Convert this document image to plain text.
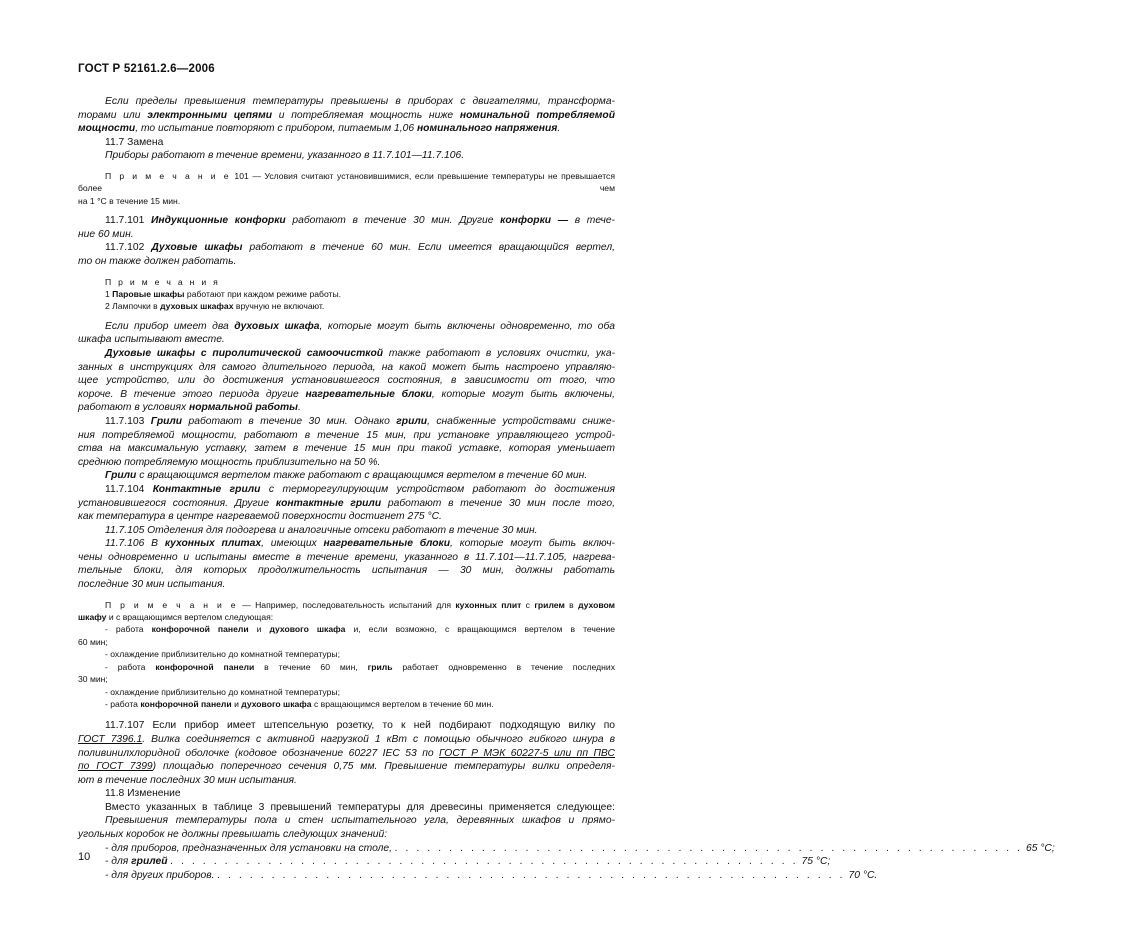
ГОСТ Р 52161.2.6—2006

Если пределы превышения температуры превышены в приборах с двигателями, трансформа-

торами или электронными цепями и потребляемая мощность ниже номинальной потребляемой

мощности, то испытание повторяют с прибором, питаемым 1,06 номинального напряжения.

11.7 Замена

Приборы работают в течение времени, указанного в 11.7.101—11.7.106.

П р и м е ч а н и е 101 — Условия считают установившимися, если превышение температуры не превышается более чем

на 1 °С в течение 15 мин.

11.7.101 Индукционные конфорки работают в течение 30 мин. Другие конфорки — в тече-

ние 60 мин.

11.7.102 Духовые шкафы работают в течение 60 мин. Если имеется вращающийся вертел,

то он также должен работать.

П р и м е ч а н и я

1 Паровые шкафы работают при каждом режиме работы.

2 Лампочки в духовых шкафах вручную не включают.

Если прибор имеет два духовых шкафа, которые могут быть включены одновременно, то оба

шкафа испытывают вместе.

Духовые шкафы с пиролитической самоочисткой также работают в условиях очистки, ука-

занных в инструкциях для самого длительного периода, на какой может быть настроено управляю-

щее устройство, или до достижения установившегося состояния, в зависимости от того, что

короче. В течение этого периода другие нагревательные блоки, которые могут быть включены,

работают в условиях нормальной работы.

11.7.103 Грили работают в течение 30 мин. Однако грили, снабженные устройствами сниже-

ния потребляемой мощности, работают в течение 15 мин, при установке управляющего устрой-

ства на максимальную уставку, затем в течение 15 мин при такой уставке, которая уменьшает

среднюю потребляемую мощность приблизительно на 50 %.

Грили с вращающимся вертелом также работают с вращающимся вертелом в течение 60 мин.

11.7.104 Контактные грили с терморегулирующим устройством работают до достижения

установившегося состояния. Другие контактные грили работают в течение 30 мин после того,

как температура в центре нагреваемой поверхности достигнет 275 °С.

11.7.105 Отделения для подогрева и аналогичные отсеки работают в течение 30 мин.

11.7.106 В кухонных плитах, имеющих нагревательные блоки, которые могут быть включ-

чены одновременно и испытаны вместе в течение времени, указанного в 11.7.101—11.7.105, нагрева-

тельные блоки, для которых продолжительность испытания — 30 мин, должны работать

последние 30 мин испытания.

П р и м е ч а н и е — Например, последовательность испытаний для кухонных плит с грилем в духовом

шкафу и с вращающимся вертелом следующая:

- работа конфорочной панели и духового шкафа и, если возможно, с вращающимся вертелом в течение

60 мин;

- охлаждение приблизительно до комнатной температуры;

- работа конфорочной панели в течение 60 мин, гриль работает одновременно в течение последних

30 мин;

- охлаждение приблизительно до комнатной температуры;

- работа конфорочной панели и духового шкафа с вращающимся вертелом в течение 60 мин.

11.7.107 Если прибор имеет штепсельную розетку, то к ней подбирают подходящую вилку по

ГОСТ 7396.1. Вилка соединяется с активной нагрузкой 1 кВт с помощью обычного гибкого шнура в

поливинилхлоридной оболочке (кодовое обозначение 60227 IEC 53 по ГОСТ Р МЭК 60227-5 или пп ПВС

по ГОСТ 7399) площадью поперечного сечения 0,75 мм. Превышение температуры вилки определя-

ют в течение последних 30 мин испытания.

11.8 Изменение

Вместо указанных в таблице 3 превышений температуры для древесины применяется следующее:

Превышения температуры пола и стен испытательного угла, деревянных шкафов и прямо-

угольных коробок не должны превышать следующих значений:

- для приборов, предназначенных для установки на столе, . . . . . . . . . . . . . . . . . . . . . . . . . . . . . . . . . . . . . . . . . . . . . . . . . . . . . . . . . . 65 °C;
- для грилей . . . . . . . . . . . . . . . . . . . . . . . . . . . . . . . . . . . . . . . . . . . . . . . . . . . . . . . . . . 75 °C;
- для других приборов. . . . . . . . . . . . . . . . . . . . . . . . . . . . . . . . . . . . . . . . . . . . . . . . . . . . . . . . . . . 70 °C.
10
